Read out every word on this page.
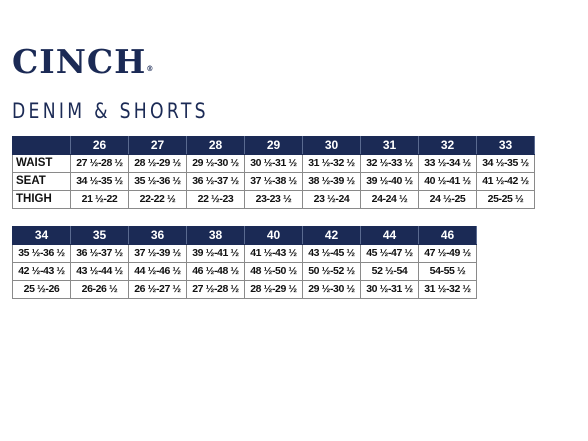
CINCH®
DENIM & SHORTS
	26	27	28	29	30	31	32	33
WAIST	27 ½-28 ½	28 ½-29 ½	29 ½-30 ½	30 ½-31 ½	31 ½-32 ½	32 ½-33 ½	33 ½-34 ½	34 ½-35 ½
SEAT	34 ½-35 ½	35 ½-36 ½	36 ½-37 ½	37 ½-38 ½	38 ½-39 ½	39 ½-40 ½	40 ½-41 ½	41 ½-42 ½
THIGH	21 ½-22	22-22 ½	22 ½-23	23-23 ½	23 ½-24	24-24 ½	24 ½-25	25-25 ½
34	35	36	38	40	42	44	46
35 ½-36 ½	36 ½-37 ½	37 ½-39 ½	39 ½-41 ½	41 ½-43 ½	43 ½-45 ½	45 ½-47 ½	47 ½-49 ½
42 ½-43 ½	43 ½-44 ½	44 ½-46 ½	46 ½-48 ½	48 ½-50 ½	50 ½-52 ½	52 ½-54	54-55 ½
25 ½-26	26-26 ½	26 ½-27 ½	27 ½-28 ½	28 ½-29 ½	29 ½-30 ½	30 ½-31 ½	31 ½-32 ½
